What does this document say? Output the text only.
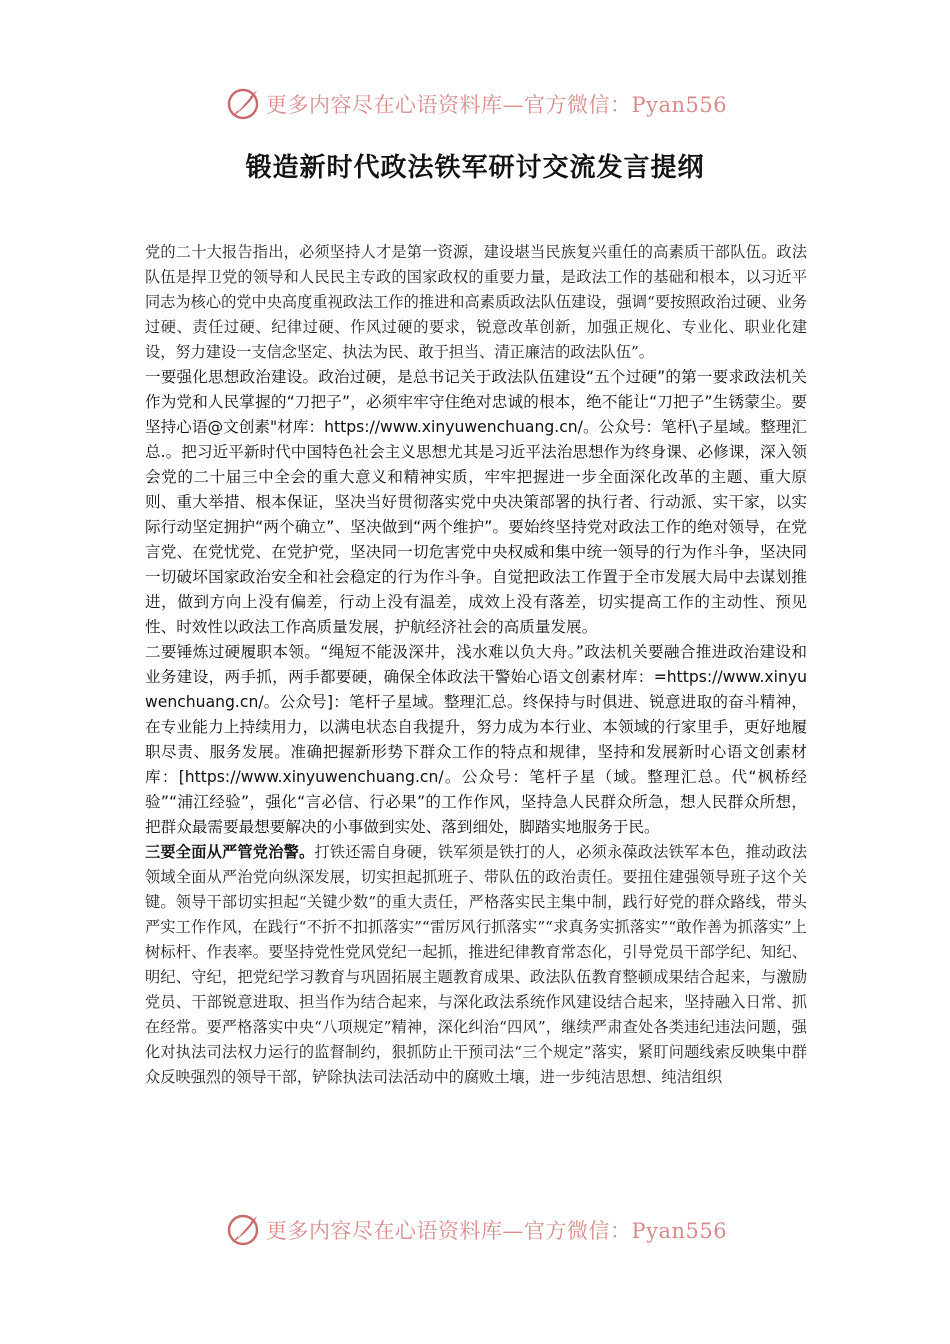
更多内容尽在心语资料库—官方微信：Pyan556
锻造新时代政法铁军研讨交流发言提纲

党的二十大报告指出，必须坚持人才是第一资源，建设堪当民族复兴重任的高素质干部队伍。政法队伍是捍卫党的领导和人民民主专政的国家政权的重要力量，是政法工作的基础和根本，以习近平同志为核心的党中央高度重视政法工作的推进和高素质政法队伍建设，强调“要按照政治过硬、业务过硬、责任过硬、纪律过硬、作风过硬的要求，锐意改革创新，加强正规化、专业化、职业化建设，努力建设一支信念坚定、执法为民、敢于担当、清正廉洁的政法队伍”。

一要强化思想政治建设。政治过硬，是总书记关于政法队伍建设“五个过硬”的第一要求政法机关作为党和人民掌握的“刀把子”，必须牢牢守住绝对忠诚的根本，绝不能让“刀把子”生锈蒙尘。要坚持心语@文创素"材库：https://www.xinyuwenchuang.cn/。公众号：笔杆\子星域。整理汇总.。把习近平新时代中国特色社会主义思想尤其是习近平法治思想作为终身课、必修课，深入领会党的二十届三中全会的重大意义和精神实质，牢牢把握进一步全面深化改革的主题、重大原则、重大举措、根本保证，坚决当好贯彻落实党中央决策部署的执行者、行动派、实干家，以实际行动坚定拥护“两个确立”、坚决做到“两个维护”。要始终坚持党对政法工作的绝对领导，在党言党、在党忧党、在党护党，坚决同一切危害党中央权威和集中统一领导的行为作斗争，坚决同一切破坏国家政治安全和社会稳定的行为作斗争。自觉把政法工作置于全市发展大局中去谋划推进，做到方向上没有偏差，行动上没有温差，成效上没有落差，切实提高工作的主动性、预见性、时效性以政法工作高质量发展，护航经济社会的高质量发展。

二要锤炼过硬履职本领。“绳短不能汲深井，浅水难以负大舟。”政法机关要融合推进政治建设和业务建设，两手抓，两手都要硬，确保全体政法干警始心语文创素材库：=https://www.xinyuwenchuang.cn/。公众号]：笔杆子星域。整理汇总。终保持与时俱进、锐意进取的奋斗精神，在专业能力上持续用力，以满电状态自我提升，努力成为本行业、本领域的行家里手，更好地履职尽责、服务发展。准确把握新形势下群众工作的特点和规律，坚持和发展新时心语文创素材库：[https://www.xinyuwenchuang.cn/。公众号：笔杆子星（域。整理汇总。代“枫桥经验”“浦江经验”，强化“言必信、行必果”的工作作风，坚持急人民群众所急，想人民群众所想，把群众最需要最想要解决的小事做到实处、落到细处，脚踏实地服务于民。

三要全面从严管党治警。打铁还需自身硬，铁军须是铁打的人，必须永葆政法铁军本色，推动政法领域全面从严治党向纵深发展，切实担起抓班子、带队伍的政治责任。要扭住建强领导班子这个关键。领导干部切实担起“关键少数”的重大责任，严格落实民主集中制，践行好党的群众路线，带头严实工作作风，在践行“不折不扣抓落实”“雷厉风行抓落实”“求真务实抓落实”“敢作善为抓落实”上树标杆、作表率。要坚持党性党风党纪一起抓，推进纪律教育常态化，引导党员干部学纪、知纪、明纪、守纪，把党纪学习教育与巩固拓展主题教育成果、政法队伍教育整顿成果结合起来，与激励党员、干部锐意进取、担当作为结合起来，与深化政法系统作风建设结合起来，坚持融入日常、抓在经常。要严格落实中央“八项规定”精神，深化纠治“四风”，继续严肃查处各类违纪违法问题，强化对执法司法权力运行的监督制约，狠抓防止干预司法“三个规定”落实，紧盯问题线索反映集中群众反映强烈的领导干部，铲除执法司法活动中的腐败土壤，进一步纯洁思想、纯洁组织

更多内容尽在心语资料库—官方微信：Pyan556
